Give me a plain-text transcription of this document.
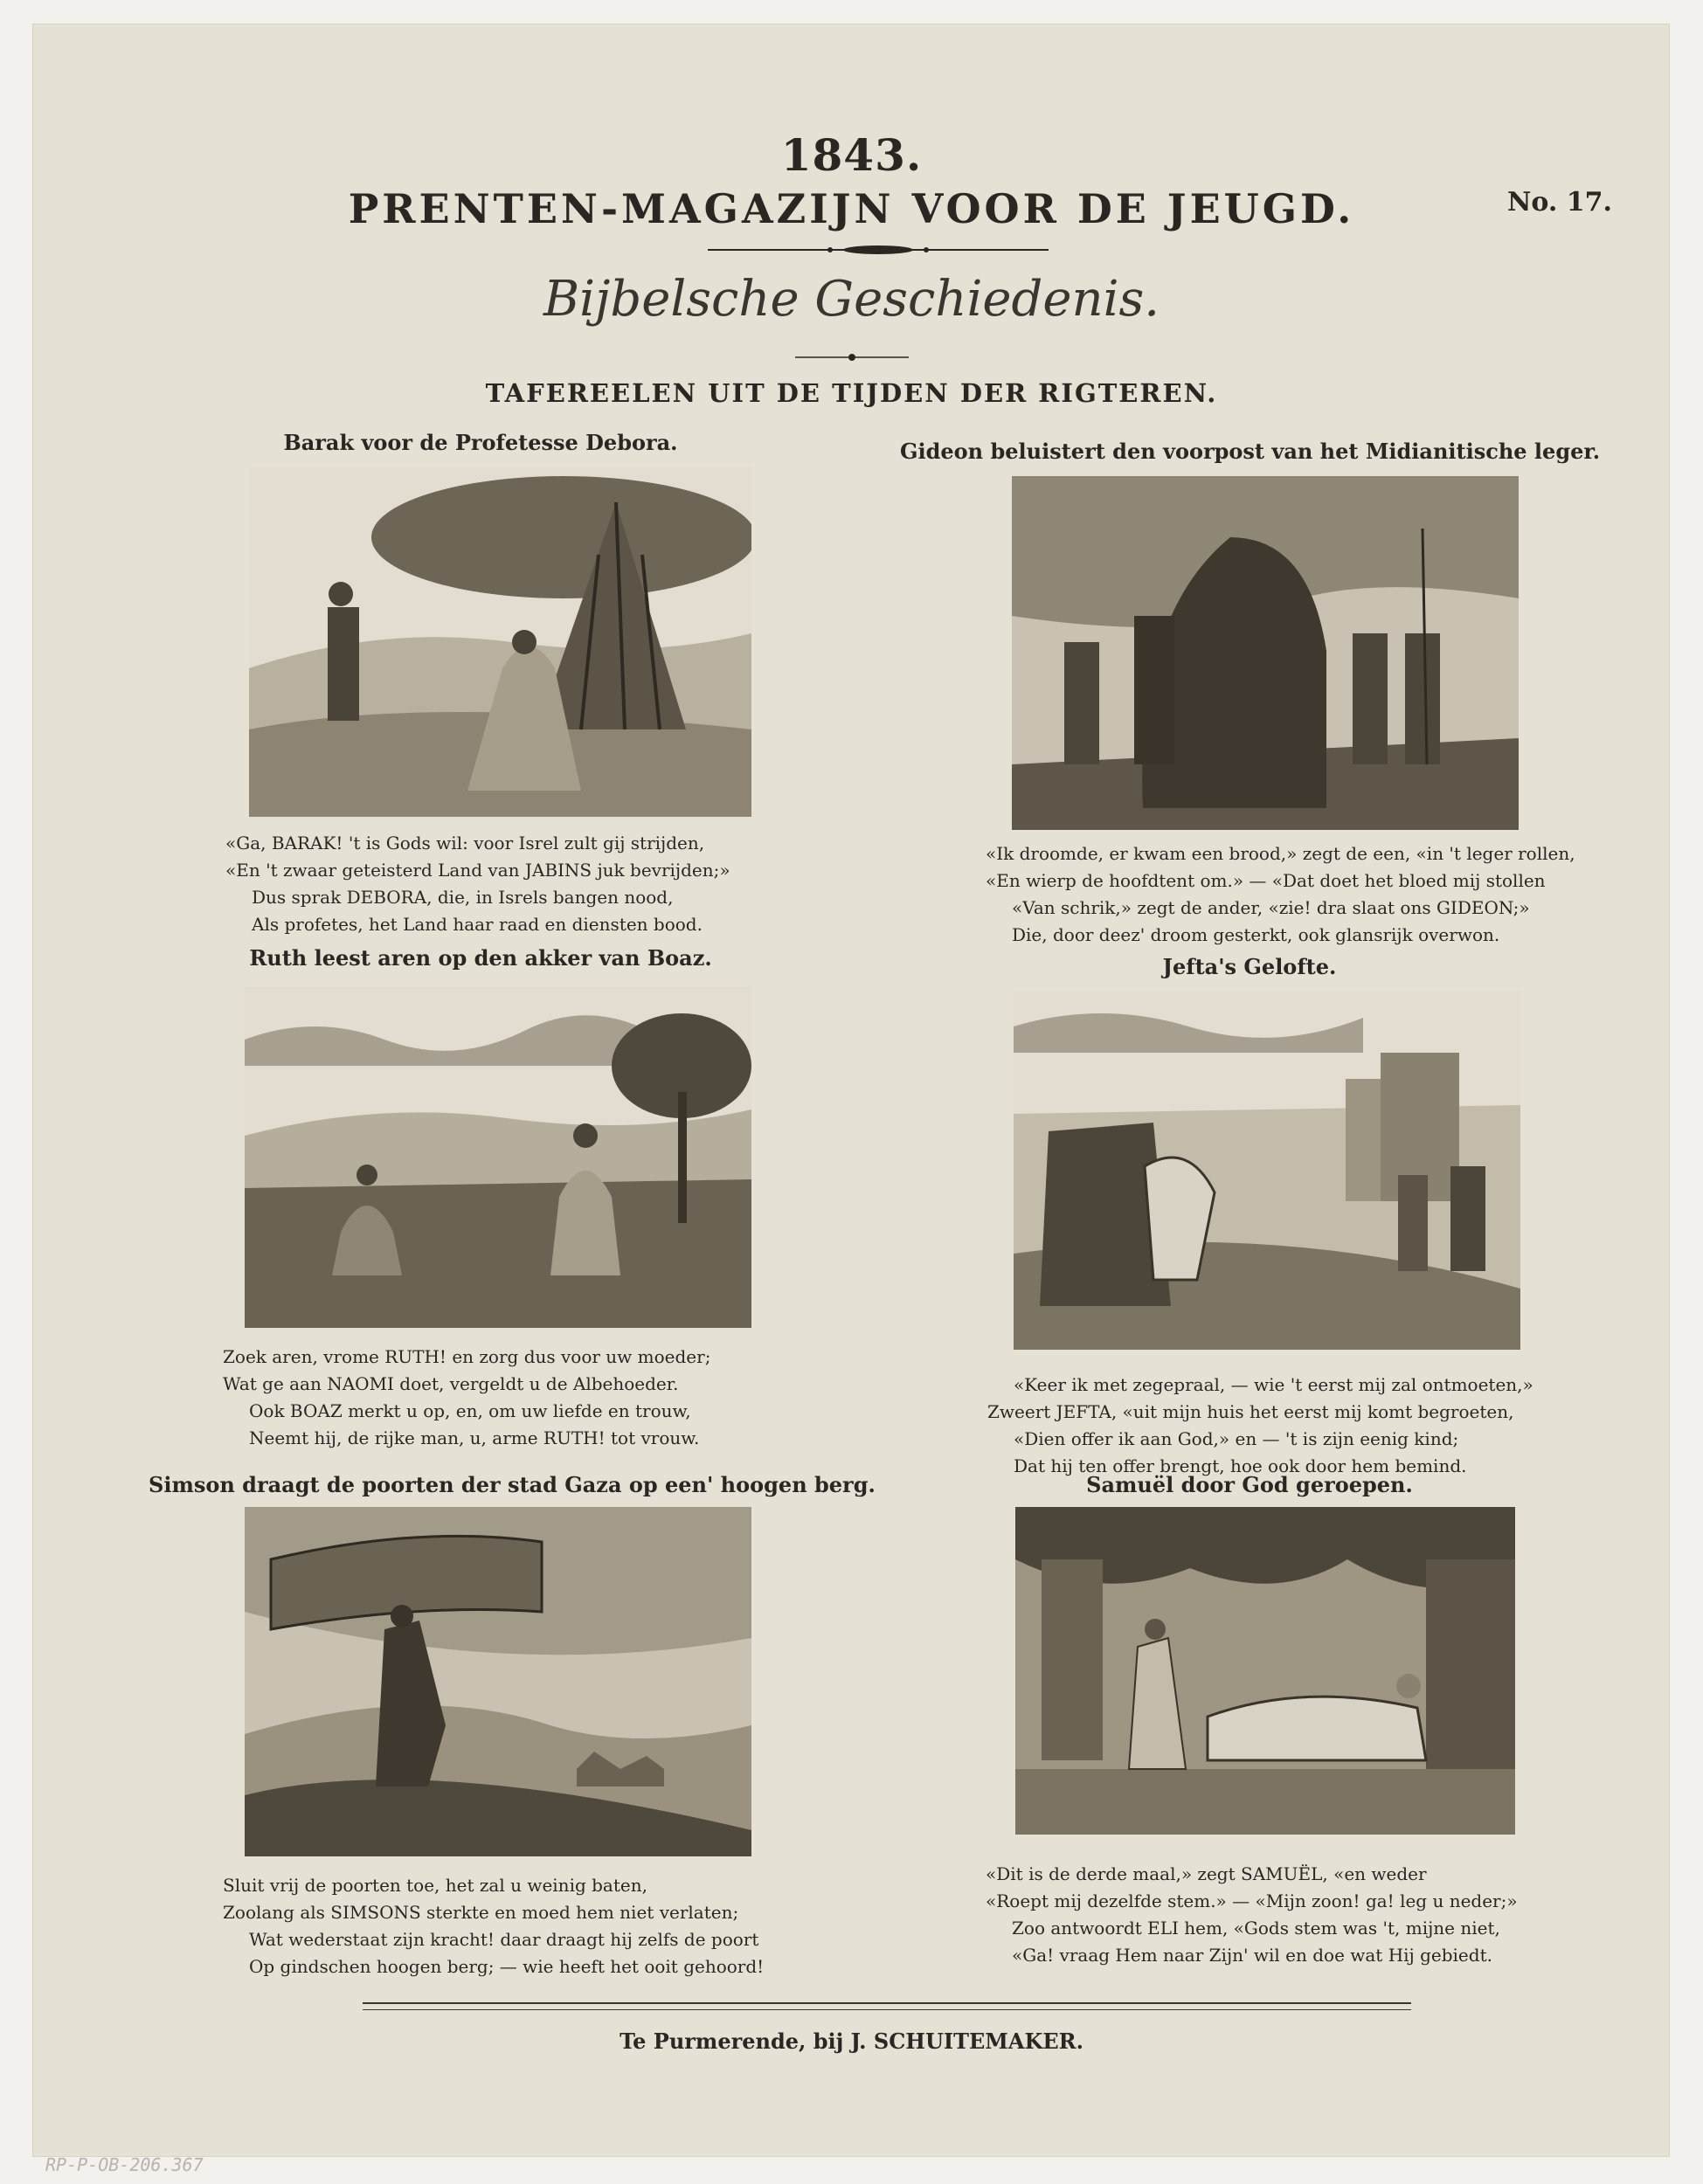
1843.
PRENTEN-MAGAZIJN VOOR DE JEUGD.	No. 17.
Bijbelsche Geschiedenis.
TAFEREELEN UIT DE TIJDEN DER RIGTEREN.
Barak voor de Profetesse Debora.
«Ga, BARAK! 't is Gods wil: voor Isrel zult gij strijden,
«En 't zwaar geteisterd Land van JABINS juk bevrijden;»
Dus sprak DEBORA, die, in Isrels bangen nood,
Als profetes, het Land haar raad en diensten bood.
Gideon beluistert den voorpost van het Midianitische leger.
«Ik droomde, er kwam een brood,» zegt de een, «in 't leger rollen,
«En wierp de hoofdtent om.» — «Dat doet het bloed mij stollen
«Van schrik,» zegt de ander, «zie! dra slaat ons GIDEON;»
Die, door deez' droom gesterkt, ook glansrijk overwon.
Ruth leest aren op den akker van Boaz.
Zoek aren, vrome RUTH! en zorg dus voor uw moeder;
Wat ge aan NAOMI doet, vergeldt u de Albehoeder.
Ook BOAZ merkt u op, en, om uw liefde en trouw,
Neemt hij, de rijke man, u, arme RUTH! tot vrouw.
Jefta's Gelofte.
«Keer ik met zegepraal, — wie 't eerst mij zal ontmoeten,»
Zweert JEFTA, «uit mijn huis het eerst mij komt begroeten,
«Dien offer ik aan God,» en — 't is zijn eenig kind;
Dat hij ten offer brengt, hoe ook door hem bemind.
Simson draagt de poorten der stad Gaza op een' hoogen berg.
Sluit vrij de poorten toe, het zal u weinig baten,
Zoolang als SIMSONS sterkte en moed hem niet verlaten;
Wat wederstaat zijn kracht! daar draagt hij zelfs de poort
Op gindschen hoogen berg; — wie heeft het ooit gehoord!
Samuël door God geroepen.
«Dit is de derde maal,» zegt SAMUËL, «en weder
«Roept mij dezelfde stem.» — «Mijn zoon! ga! leg u neder;»
Zoo antwoordt ELI hem, «Gods stem was 't, mijne niet,
«Ga! vraag Hem naar Zijn' wil en doe wat Hij gebiedt.
Te Purmerende, bij J. SCHUITEMAKER.
RP-P-OB-206.367
